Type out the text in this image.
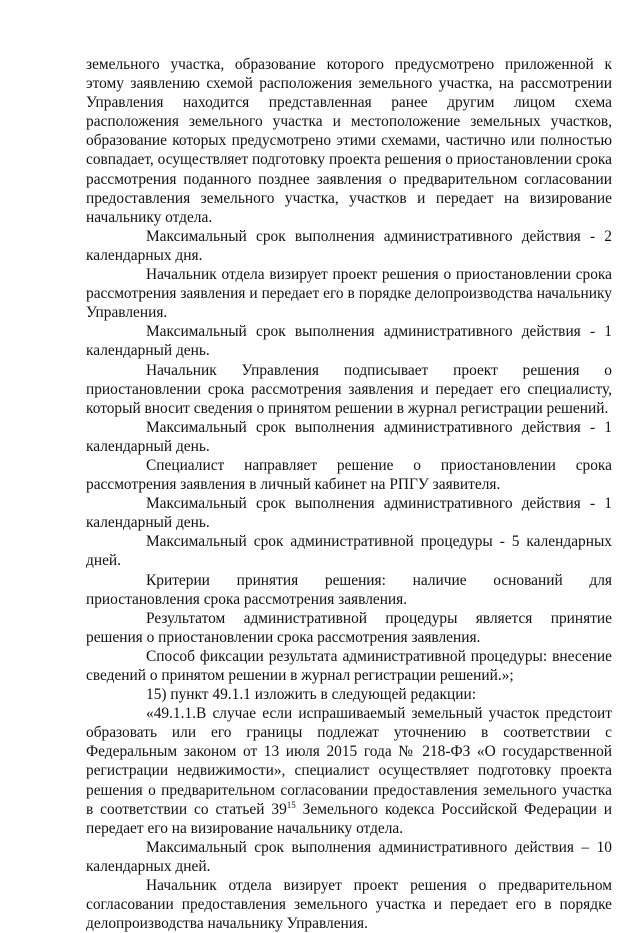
земельного участка, образование которого предусмотрено приложенной к этому заявлению схемой расположения земельного участка, на рассмотрении Управления находится представленная ранее другим лицом схема расположения земельного участка и местоположение земельных участков, образование которых предусмотрено этими схемами, частично или полностью совпадает, осуществляет подготовку проекта решения о приостановлении срока рассмотрения поданного позднее заявления о предварительном согласовании предоставления земельного участка, участков и передает на визирование начальнику отдела.

Максимальный срок выполнения административного действия - 2 календарных дня.

Начальник отдела визирует проект решения о приостановлении срока рассмотрения заявления и передает его в порядке делопроизводства начальнику Управления.

Максимальный срок выполнения административного действия - 1 календарный день.

Начальник Управления подписывает проект решения о приостановлении срока рассмотрения заявления и передает его специалисту, который вносит сведения о принятом решении в журнал регистрации решений.

Максимальный срок выполнения административного действия - 1 календарный день.

Специалист направляет решение о приостановлении срока рассмотрения заявления в личный кабинет на РПГУ заявителя.

Максимальный срок выполнения административного действия - 1 календарный день.

Максимальный срок административной процедуры - 5 календарных дней.

Критерии принятия решения: наличие оснований для приостановления срока рассмотрения заявления.

Результатом административной процедуры является принятие решения о приостановлении срока рассмотрения заявления.

Способ фиксации результата административной процедуры: внесение сведений о принятом решении в журнал регистрации решений.»;

15) пункт 49.1.1 изложить в следующей редакции:

«49.1.1.В случае если испрашиваемый земельный участок предстоит образовать или его границы подлежат уточнению в соответствии с Федеральным законом от 13 июля 2015 года № 218-ФЗ «О государственной регистрации недвижимости», специалист осуществляет подготовку проекта решения о предварительном согласовании предоставления земельного участка в соответствии со статьей $39^{15}$ Земельного кодекса Российской Федерации и передает его на визирование начальнику отдела.

Максимальный срок выполнения административного действия – 10 календарных дней.

Начальник отдела визирует проект решения о предварительном согласовании предоставления земельного участка и передает его в порядке делопроизводства начальнику Управления.
